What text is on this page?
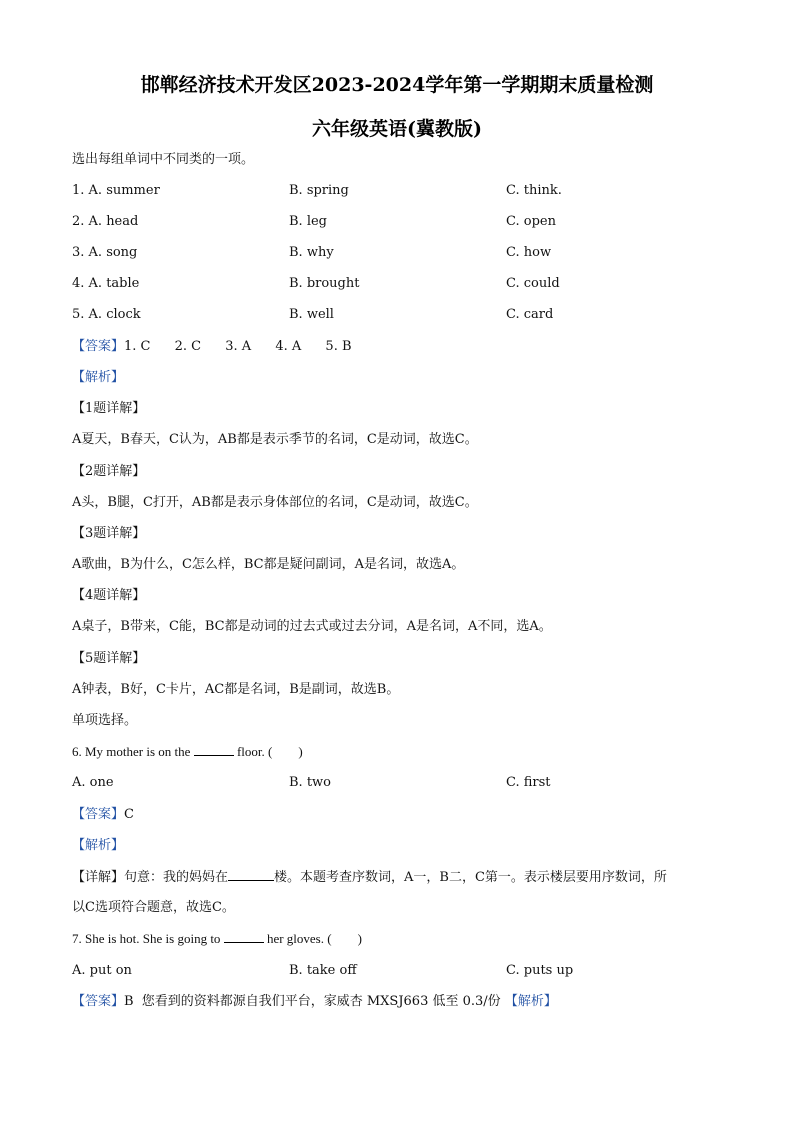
邯郸经济技术开发区2023-2024学年第一学期期末质量检测
六年级英语(冀教版)
选出每组单词中不同类的一项。
1. A. summer	B. spring	C. think.
2. A. head	B. leg	C. open
3. A. song	B. why	C. how
4. A. table	B. brought	C. could
5. A. clock	B. well	C. card
【答案】1. C 2. C 3. A 4. A 5. B
【解析】
【1题详解】
A夏天，B春天，C认为，AB都是表示季节的名词，C是动词，故选C。
【2题详解】
A头，B腿，C打开，AB都是表示身体部位的名词，C是动词，故选C。
【3题详解】
A歌曲，B为什么，C怎么样，BC都是疑问副词，A是名词，故选A。
【4题详解】
A桌子，B带来，C能，BC都是动词的过去式或过去分词，A是名词，A不同，选A。
【5题详解】
A钟表，B好，C卡片，AC都是名词，B是副词，故选B。
单项选择。
6. My mother is on the	floor. ( )
A. one	B. two	C. first
【答案】C
【解析】
【详解】句意：我的妈妈在	楼。本题考查序数词，A一，B二，C第一。表示楼层要用序数词，所
以C选项符合题意，故选C。
7. She is hot. She is going to	her gloves. ( )
A. put on	B. take off	C. puts up
【答案】B 您看到的资料都源自我们平台，家威杏 MXSJ663 低至 0.3/份 【解析】
